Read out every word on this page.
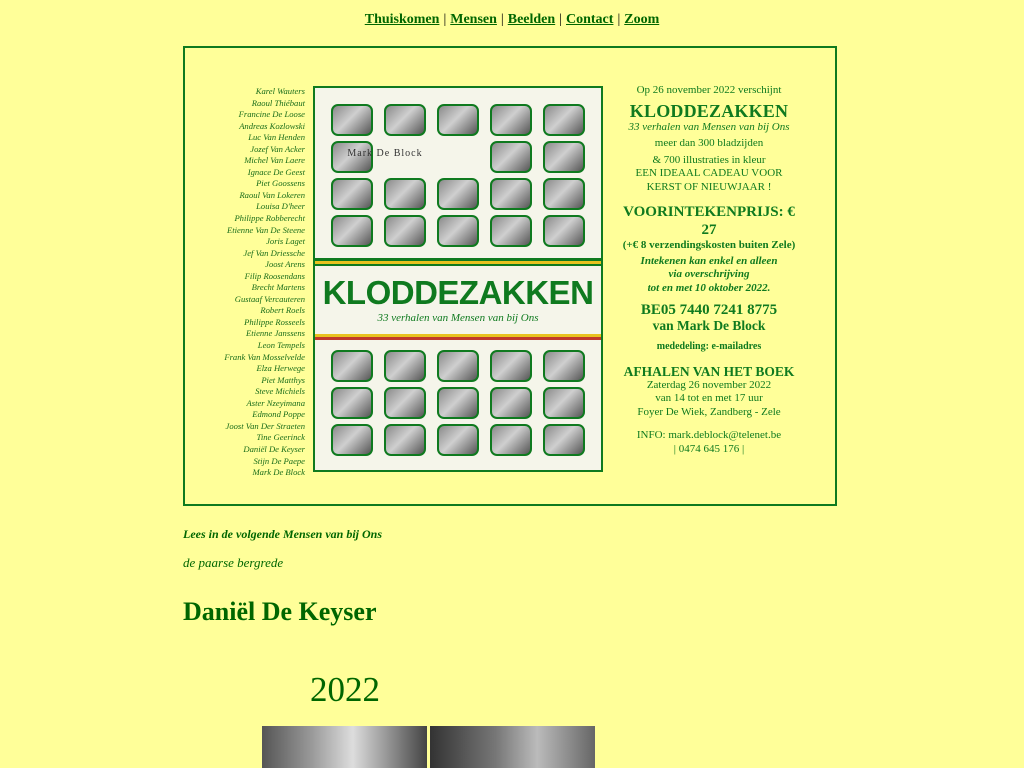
Thuiskomen | Mensen | Beelden | Contact | Zoom
Karel Wauters
Raoul Thiébaut
Francine De Loose
Andreas Kozlowski
Luc Van Henden
Jozef Van Acker
Michel Van Laere
Ignace De Geest
Piet Goossens
Raoul Van Lokeren
Louisa D'heer
Philippe Robberecht
Etienne Van De Steene
Joris Laget
Jef Van Driessche
Joost Arens
Filip Roosendans
Brecht Martens
Gustaaf Vercauteren
Robert Roels
Philippe Rosseels
Etienne Janssens
Leon Tempels
Frank Van Mosselvelde
Elza Herwege
Piet Matthys
Steve Michiels
Aster Nzeyimana
Edmond Poppe
Joost Van Der Straeten
Tine Geerinck
Daniël De Keyser
Stijn De Paepe
Mark De Block
Mark De Block
KLODDEZAKKEN
33 verhalen van Mensen van bij Ons
Op 26 november 2022 verschijnt
KLODDEZAKKEN
33 verhalen van Mensen van bij Ons
meer dan 300 bladzijden
& 700 illustraties in kleur
EEN IDEAAL CADEAU VOOR
KERST OF NIEUWJAAR !
VOORINTEKENPRIJS: € 27
(+€ 8 verzendingskosten buiten Zele)
Intekenen kan enkel en alleen
via overschrijving
tot en met 10 oktober 2022.
BE05 7440 7241 8775
van Mark De Block
mededeling: e-mailadres
AFHALEN VAN HET BOEK
Zaterdag 26 november 2022
van 14 tot en met 17 uur
Foyer De Wiek, Zandberg - Zele
INFO: mark.deblock@telenet.be
| 0474 645 176 |
Lees in de volgende Mensen van bij Ons
de paarse bergrede
Daniël De Keyser
2022
